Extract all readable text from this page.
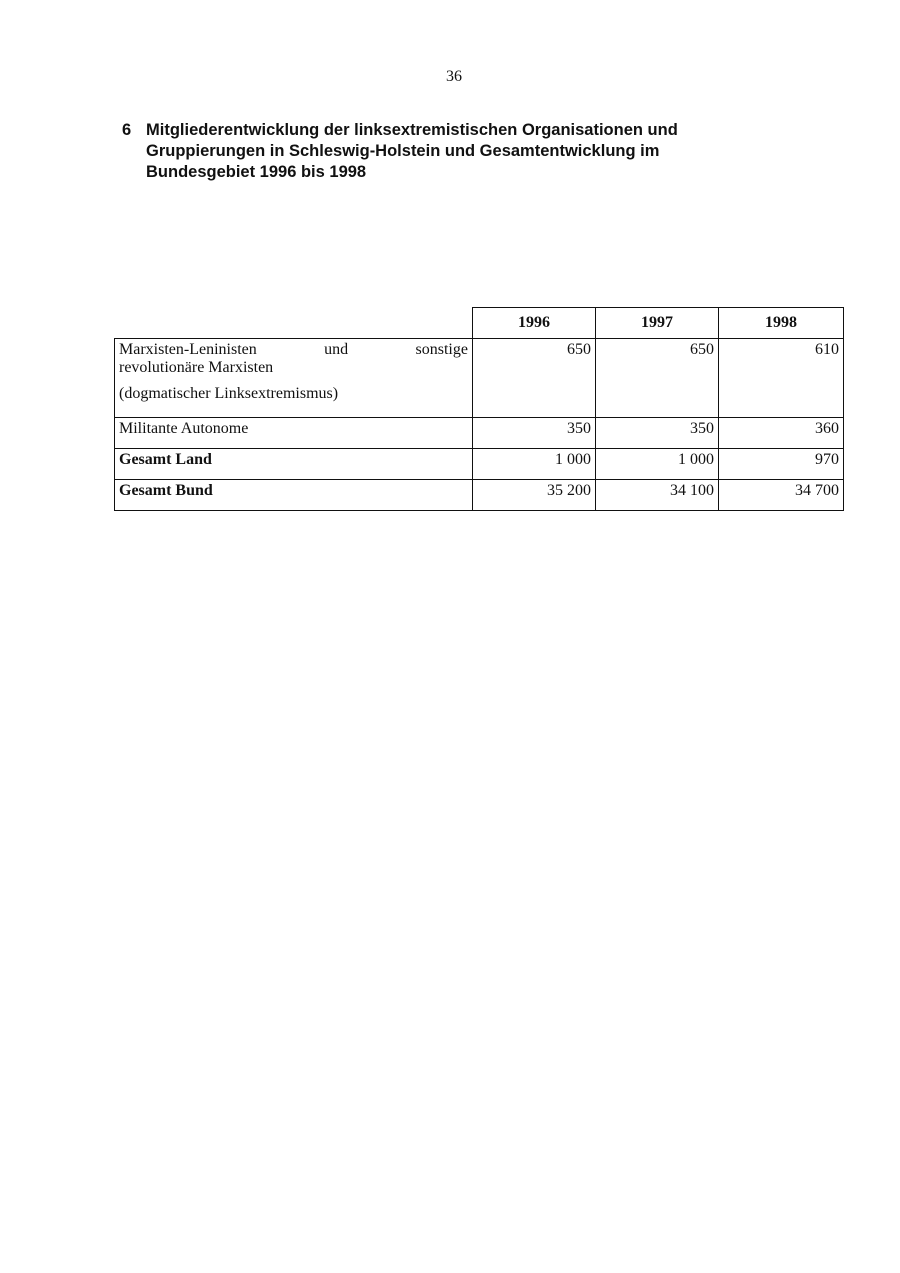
36
6 Mitgliederentwicklung der linksextremistischen Organisationen und Gruppierungen in Schleswig-Holstein und Gesamtentwicklung im Bundesgebiet 1996 bis 1998
	1996	1997	1998

Marxisten-Leninisten und sonstige
revolutionäre Marxisten
(dogmatischer Linksextremismus)	650	650	610
Militante Autonome	350	350	360
Gesamt Land	1 000	1 000	970
Gesamt Bund	35 200	34 100	34 700
